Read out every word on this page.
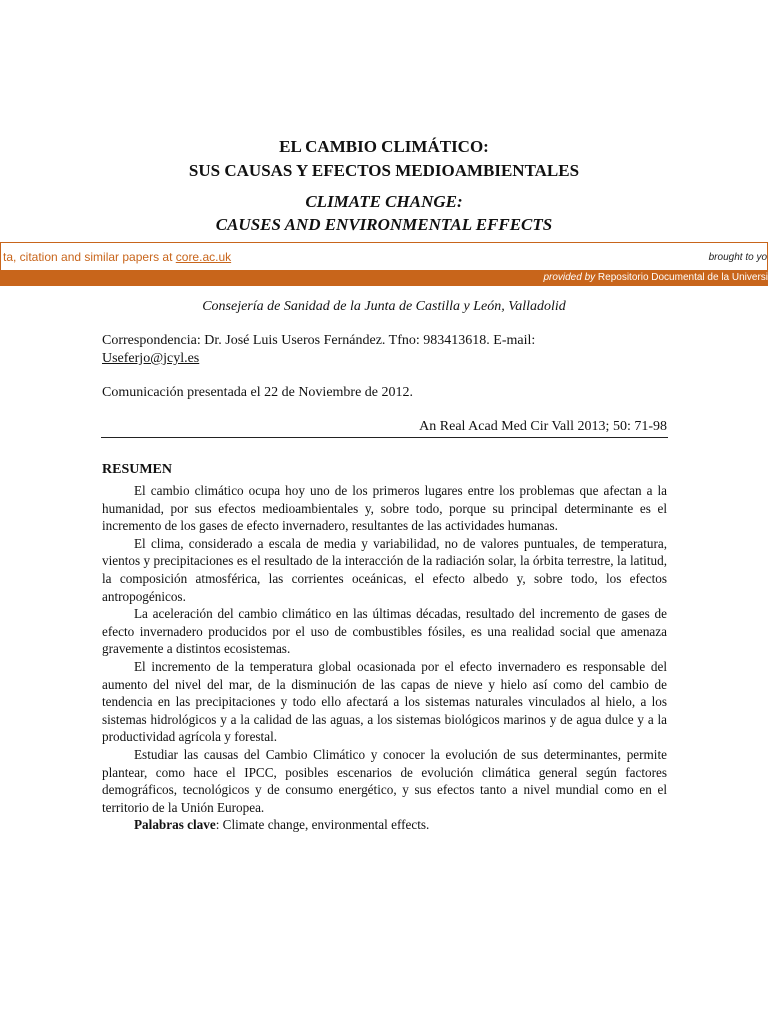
EL CAMBIO CLIMÁTICO:
SUS CAUSAS Y EFECTOS MEDIOAMBIENTALES
CLIMATE CHANGE:
CAUSES AND ENVIRONMENTAL EFFECTS
ta, citation and similar papers at core.ac.uk	brought to yo
provided by Repositorio Documental de la Universi
Consejería de Sanidad de la Junta de Castilla y León, Valladolid
Correspondencia: Dr. José Luis Useros Fernández. Tfno: 983413618. E-mail:
Useferjo@jcyl.es
Comunicación presentada el 22 de Noviembre de 2012.
An Real Acad Med Cir Vall 2013; 50: 71-98
RESUMEN

El cambio climático ocupa hoy uno de los primeros lugares entre los problemas que afectan a la humanidad, por sus efectos medioambientales y, sobre todo, porque su principal determinante es el incremento de los gases de efecto invernadero, resultantes de las actividades humanas.

El clima, considerado a escala de media y variabilidad, no de valores puntuales, de temperatura, vientos y precipitaciones es el resultado de la interacción de la radiación solar, la órbita terrestre, la latitud, la composición atmosférica, las corrientes oceánicas, el efecto albedo y, sobre todo, los efectos antropogénicos.

La aceleración del cambio climático en las últimas décadas, resultado del incremento de gases de efecto invernadero producidos por el uso de combustibles fósiles, es una realidad social que amenaza gravemente a distintos ecosistemas.

El incremento de la temperatura global ocasionada por el efecto invernadero es responsable del aumento del nivel del mar, de la disminución de las capas de nieve y hielo así como del cambio de tendencia en las precipitaciones y todo ello afectará a los sistemas naturales vinculados al hielo, a los sistemas hidrológicos y a la calidad de las aguas, a los sistemas biológicos marinos y de agua dulce y a la productividad agrícola y forestal.

Estudiar las causas del Cambio Climático y conocer la evolución de sus determinantes, permite plantear, como hace el IPCC, posibles escenarios de evolución climática general según factores demográficos, tecnológicos y de consumo energético, y sus efectos tanto a nivel mundial como en el territorio de la Unión Europea.

Palabras clave: Climate change, environmental effects.
